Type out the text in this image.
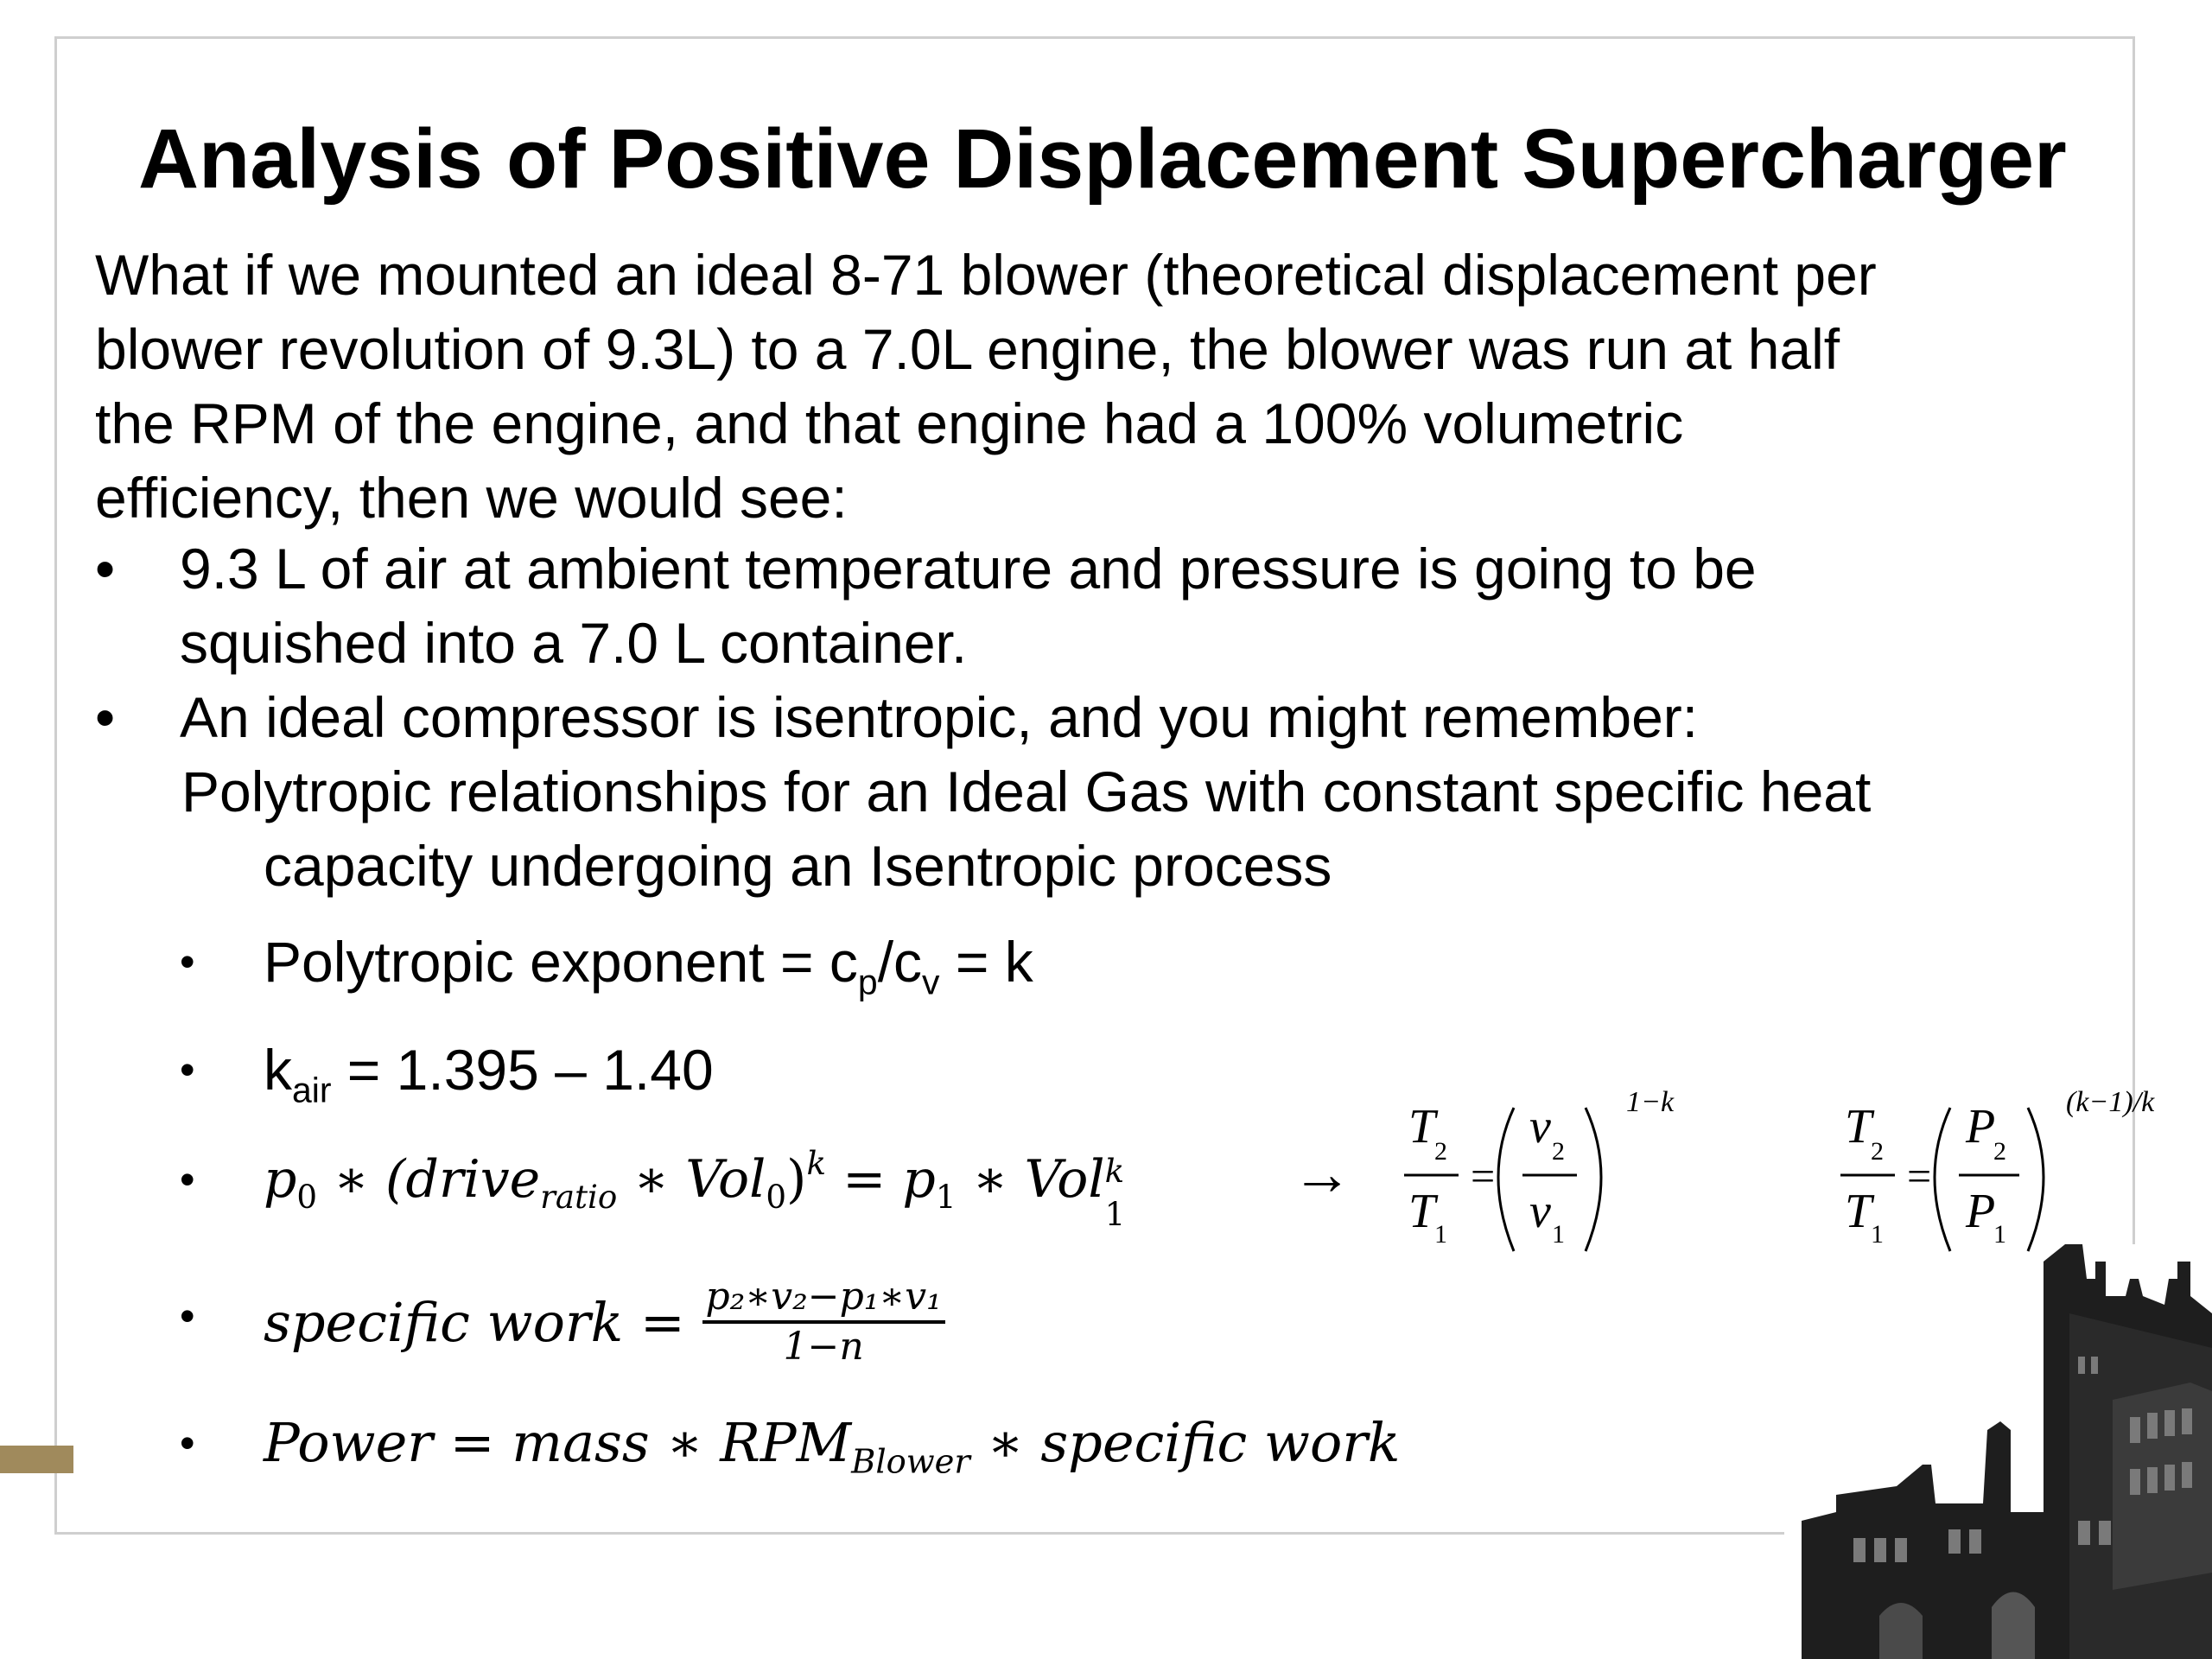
Analysis of Positive Displacement Supercharger
What if we mounted an ideal 8-71 blower (theoretical displacement per
blower revolution of 9.3L) to a 7.0L engine, the blower was run at half
the RPM of the engine, and that engine had a 100% volumetric
efficiency, then we would see:
• 9.3 L of air at ambient temperature and pressure is going to be
squished into a 7.0 L container.
• An ideal compressor is isentropic, and you might remember:
Polytropic relationships for an Ideal Gas with constant specific heat
capacity undergoing an Isentropic process
• Polytropic exponent = $c_p/c_v = k$
• $k_{air} = 1.395 - 1.40$
• $p_0$ ∗ (drive$_{ratio}$ ∗ $Vol_0)^k = p_1$ ∗ Vol k
1
→
T
2
T
1
=
v 2
v 1
1−k	T
2
T
1
=
P
2
P
1
(k−1)/k
• specific work = $\frac{\text{p₂∗v₂−p₁∗v₁}}{1-n}$
• Power = mass ∗ $RPM_{Blower}$ ∗ specific work
